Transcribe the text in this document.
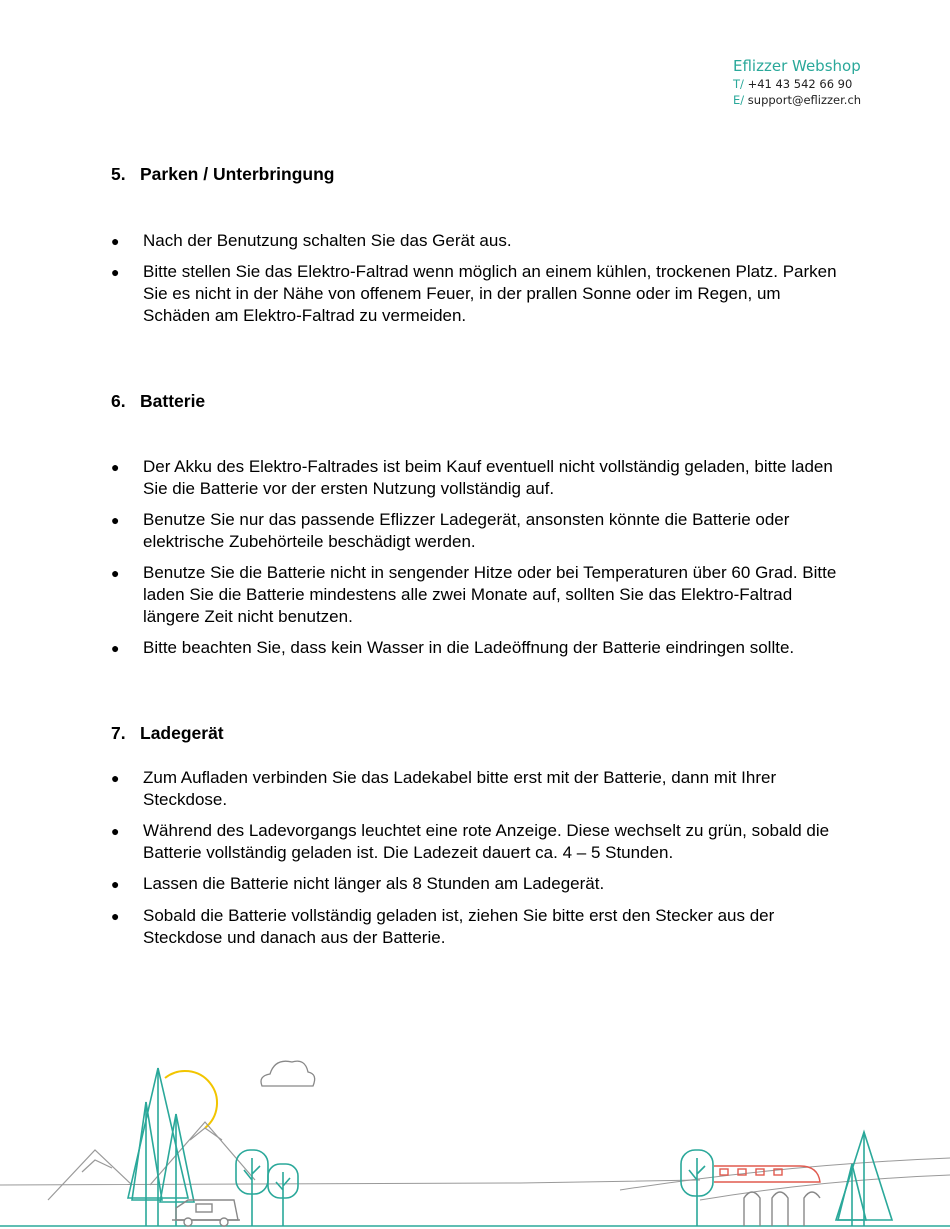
Eflizzer Webshop
T/ +41 43 542 66 90
E/ support@eflizzer.ch
5. Parken / Unterbringung
●	Nach der Benutzung schalten Sie das Gerät aus.
●	Bitte stellen Sie das Elektro-Faltrad wenn möglich an einem kühlen, trockenen Platz. Parken Sie es nicht in der Nähe von offenem Feuer, in der prallen Sonne oder im Regen, um Schäden am Elektro-Faltrad zu vermeiden.
6. Batterie
●	Der Akku des Elektro-Faltrades ist beim Kauf eventuell nicht vollständig geladen, bitte laden Sie die Batterie vor der ersten Nutzung vollständig auf.
●	Benutze Sie nur das passende Eflizzer Ladegerät, ansonsten könnte die Batterie oder elektrische Zubehörteile beschädigt werden.
●	Benutze Sie die Batterie nicht in sengender Hitze oder bei Temperaturen über 60 Grad. Bitte laden Sie die Batterie mindestens alle zwei Monate auf, sollten Sie das Elektro-Faltrad längere Zeit nicht benutzen.
●	Bitte beachten Sie, dass kein Wasser in die Ladeöffnung der Batterie eindringen sollte.
7. Ladegerät
●	Zum Aufladen verbinden Sie das Ladekabel bitte erst mit der Batterie, dann mit Ihrer Steckdose.
●	Während des Ladevorgangs leuchtet eine rote Anzeige. Diese wechselt zu grün, sobald die Batterie vollständig geladen ist. Die Ladezeit dauert ca. 4 – 5 Stunden.
●	Lassen die Batterie nicht länger als 8 Stunden am Ladegerät.
●	Sobald die Batterie vollständig geladen ist, ziehen Sie bitte erst den Stecker aus der Steckdose und danach aus der Batterie.
